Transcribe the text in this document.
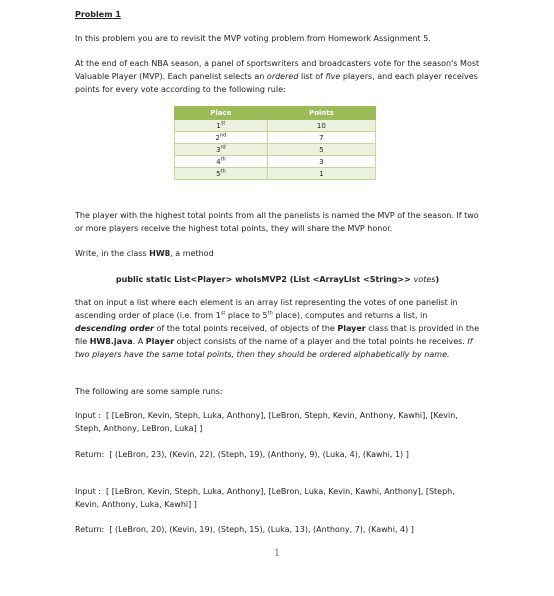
Problem 1

In this problem you are to revisit the MVP voting problem from Homework Assignment 5.

At the end of each NBA season, a panel of sportswriters and broadcasters vote for the season's Most Valuable Player (MVP). Each panelist selects an ordered list of five players, and each player receives points for every vote according to the following rule:

Place	Points
1st	10
2nd	7
3rd	5
4th	3
5th	1

The player with the highest total points from all the panelists is named the MVP of the season. If two or more players receive the highest total points, they will share the MVP honor.

Write, in the class HW8, a method

public static List<Player> whoIsMVP2 (List <ArrayList <String>> votes)

that on input a list where each element is an array list representing the votes of one panelist in ascending order of place (i.e. from 1st place to 5th place), computes and returns a list, in descending order of the total points received, of objects of the Player class that is provided in the file HW8.java. A Player object consists of the name of a player and the total points he receives. If two players have the same total points, then they should be ordered alphabetically by name.

The following are some sample runs:

Input : [ [LeBron, Kevin, Steph, Luka, Anthony], [LeBron, Steph, Kevin, Anthony, Kawhi], [Kevin, Steph, Anthony, LeBron, Luka] ]

Return: [ (LeBron, 23), (Kevin, 22), (Steph, 19), (Anthony, 9), (Luka, 4), (Kawhi, 1) ]

Input : [ [LeBron, Kevin, Steph, Luka, Anthony], [LeBron, Luka, Kevin, Kawhi, Anthony], [Steph, Kevin, Anthony, Luka, Kawhi] ]

Return: [ (LeBron, 20), (Kevin, 19), (Steph, 15), (Luka, 13), (Anthony, 7), (Kawhi, 4) ]

1
